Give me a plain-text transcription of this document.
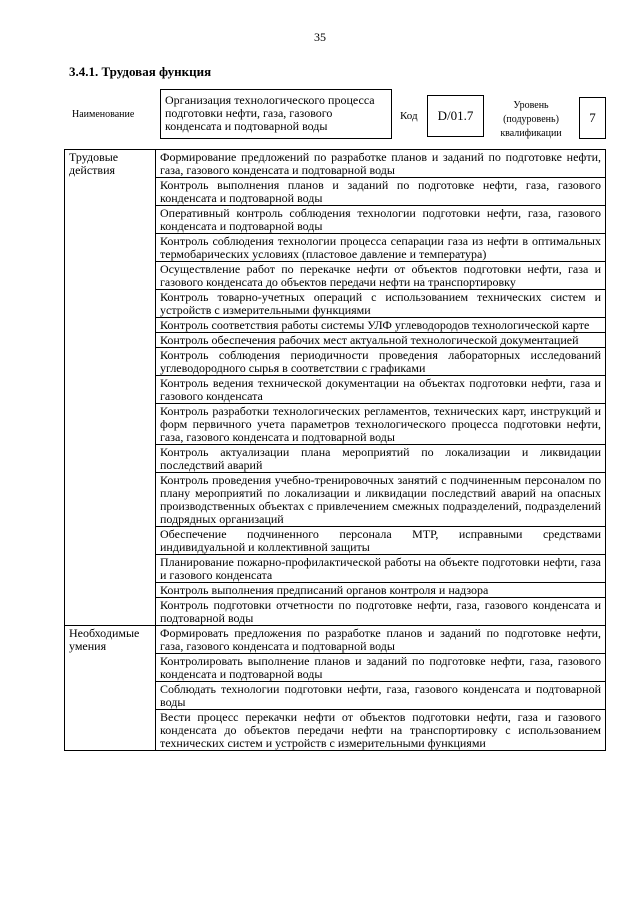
35
3.4.1. Трудовая функция
Наименование
Организация технологического процесса подготовки нефти, газа, газового конденсата и подтоварной воды
Код	D/01.7
Уровень (подуровень) квалификации
7
Трудовые действия	Формирование предложений по разработке планов и заданий по подготовке нефти, газа, газового конденсата и подтоварной воды
	Контроль выполнения планов и заданий по подготовке нефти, газа, газового конденсата и подтоварной воды
	Оперативный контроль соблюдения технологии подготовки нефти, газа, газового конденсата и подтоварной воды
	Контроль соблюдения технологии процесса сепарации газа из нефти в оптимальных термобарических условиях (пластовое давление и температура)
	Осуществление работ по перекачке нефти от объектов подготовки нефти, газа и газового конденсата до объектов передачи нефти на транспортировку
	Контроль товарно-учетных операций с использованием технических систем и устройств с измерительными функциями
	Контроль соответствия работы системы УЛФ углеводородов технологической карте
	Контроль обеспечения рабочих мест актуальной технологической документацией
	Контроль соблюдения периодичности проведения лабораторных исследований углеводородного сырья в соответствии с графиками
	Контроль ведения технической документации на объектах подготовки нефти, газа и газового конденсата
	Контроль разработки технологических регламентов, технических карт, инструкций и форм первичного учета параметров технологического процесса подготовки нефти, газа, газового конденсата и подтоварной воды
	Контроль актуализации плана мероприятий по локализации и ликвидации последствий аварий
	Контроль проведения учебно-тренировочных занятий с подчиненным персоналом по плану мероприятий по локализации и ликвидации последствий аварий на опасных производственных объектах с привлечением смежных подразделений, подразделений подрядных организаций
	Обеспечение подчиненного персонала МТР, исправными средствами индивидуальной и коллективной защиты
	Планирование пожарно-профилактической работы на объекте подготовки нефти, газа и газового конденсата
	Контроль выполнения предписаний органов контроля и надзора
	Контроль подготовки отчетности по подготовке нефти, газа, газового конденсата и подтоварной воды
Необходимые умения	Формировать предложения по разработке планов и заданий по подготовке нефти, газа, газового конденсата и подтоварной воды
	Контролировать выполнение планов и заданий по подготовке нефти, газа, газового конденсата и подтоварной воды
	Соблюдать технологии подготовки нефти, газа, газового конденсата и подтоварной воды
	Вести процесс перекачки нефти от объектов подготовки нефти, газа и газового конденсата до объектов передачи нефти на транспортировку с использованием технических систем и устройств с измерительными функциями
